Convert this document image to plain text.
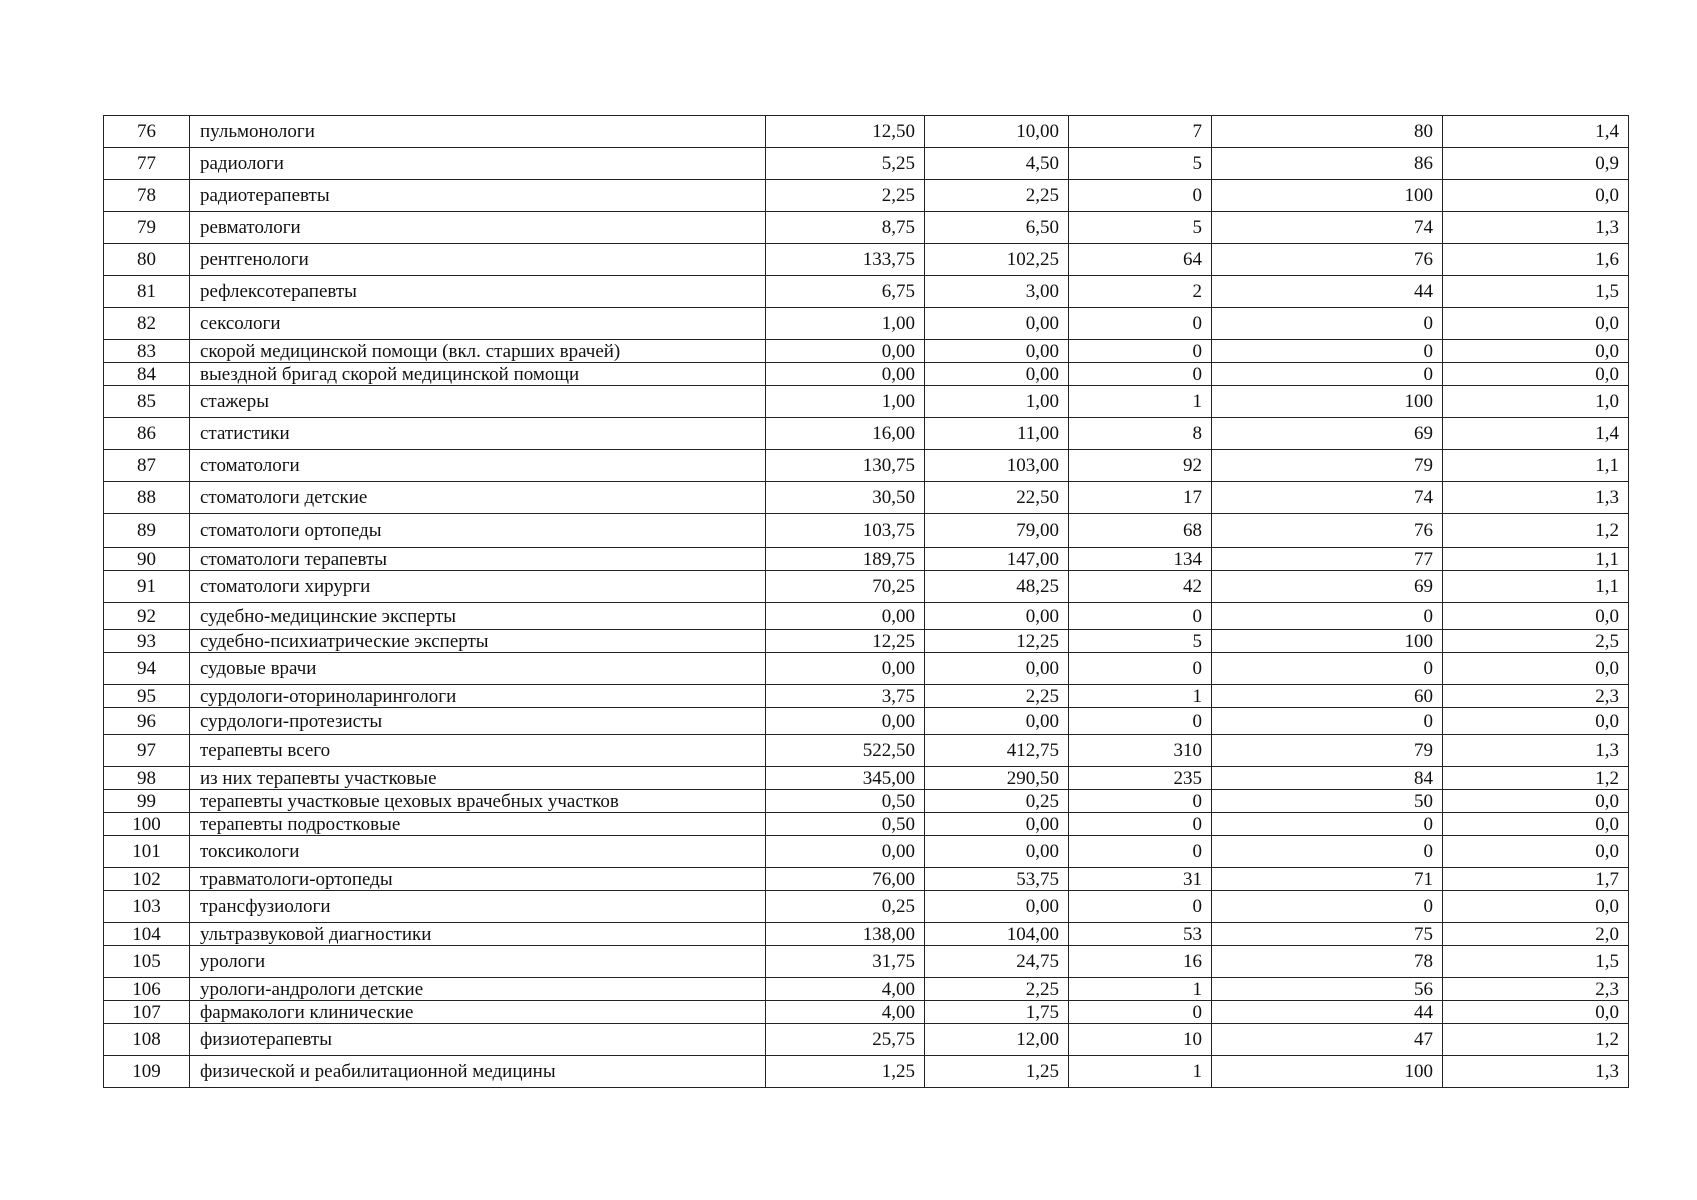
76	пульмонологи	12,50	10,00	7	80	1,4
77	радиологи	5,25	4,50	5	86	0,9
78	радиотерапевты	2,25	2,25	0	100	0,0
79	ревматологи	8,75	6,50	5	74	1,3
80	рентгенологи	133,75	102,25	64	76	1,6
81	рефлексотерапевты	6,75	3,00	2	44	1,5
82	сексологи	1,00	0,00	0	0	0,0
83	скорой медицинской помощи (вкл. старших врачей)	0,00	0,00	0	0	0,0
84	выездной бригад скорой медицинской помощи	0,00	0,00	0	0	0,0
85	стажеры	1,00	1,00	1	100	1,0
86	статистики	16,00	11,00	8	69	1,4
87	стоматологи	130,75	103,00	92	79	1,1
88	стоматологи детские	30,50	22,50	17	74	1,3
89	стоматологи ортопеды	103,75	79,00	68	76	1,2
90	стоматологи терапевты	189,75	147,00	134	77	1,1
91	стоматологи хирурги	70,25	48,25	42	69	1,1
92	судебно-медицинские эксперты	0,00	0,00	0	0	0,0
93	судебно-психиатрические эксперты	12,25	12,25	5	100	2,5
94	судовые врачи	0,00	0,00	0	0	0,0
95	сурдологи-оториноларингологи	3,75	2,25	1	60	2,3
96	сурдологи-протезисты	0,00	0,00	0	0	0,0
97	терапевты всего	522,50	412,75	310	79	1,3
98	из них терапевты участковые	345,00	290,50	235	84	1,2
99	терапевты участковые цеховых врачебных участков	0,50	0,25	0	50	0,0
100	терапевты подростковые	0,50	0,00	0	0	0,0
101	токсикологи	0,00	0,00	0	0	0,0
102	травматологи-ортопеды	76,00	53,75	31	71	1,7
103	трансфузиологи	0,25	0,00	0	0	0,0
104	ультразвуковой диагностики	138,00	104,00	53	75	2,0
105	урологи	31,75	24,75	16	78	1,5
106	урологи-андрологи детские	4,00	2,25	1	56	2,3
107	фармакологи клинические	4,00	1,75	0	44	0,0
108	физиотерапевты	25,75	12,00	10	47	1,2
109	физической и реабилитационной медицины	1,25	1,25	1	100	1,3
